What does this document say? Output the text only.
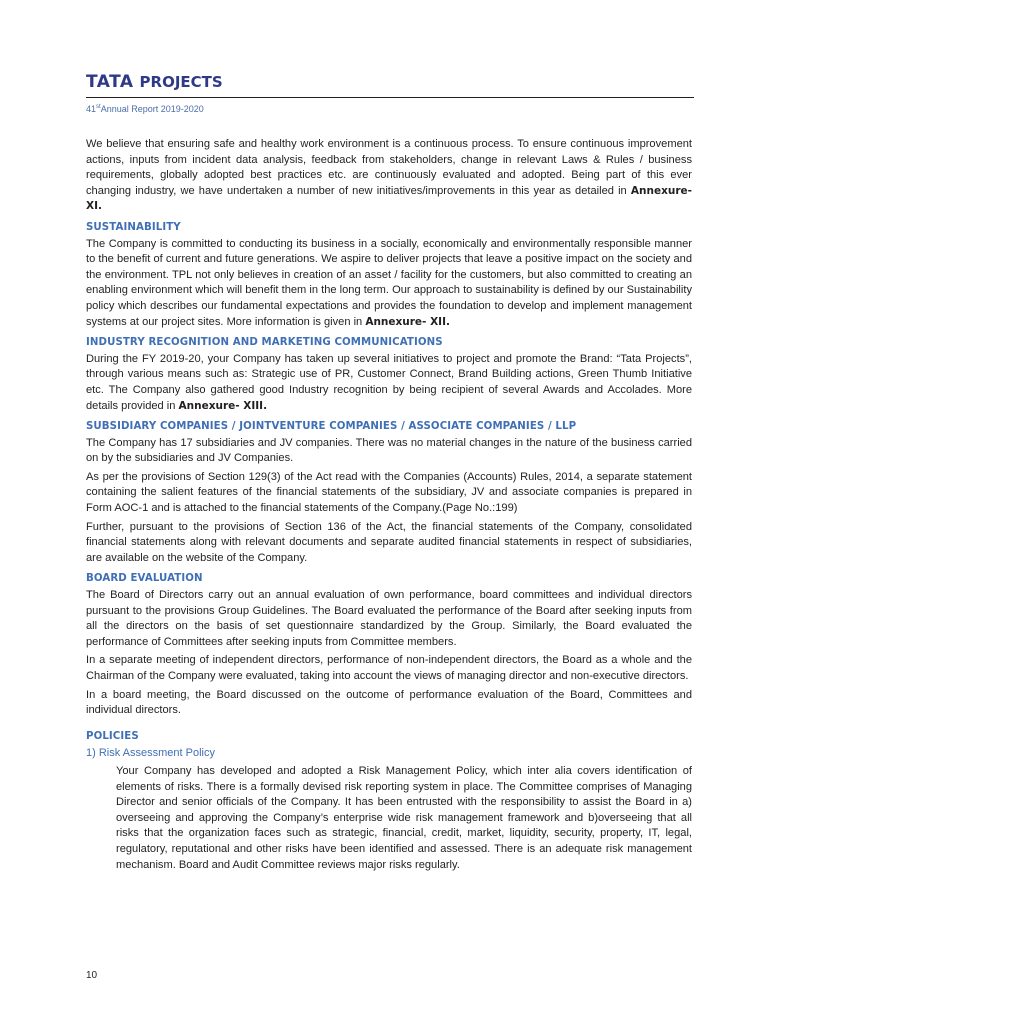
TATA PROJECTS
41stAnnual Report 2019-2020

We believe that ensuring safe and healthy work environment is a continuous process. To ensure continuous improvement actions, inputs from incident data analysis, feedback from stakeholders, change in relevant Laws & Rules / business requirements, globally adopted best practices etc. are continuously evaluated and adopted. Being part of this ever changing industry, we have undertaken a number of new initiatives/improvements in this year as detailed in Annexure- XI.

SUSTAINABILITY

The Company is committed to conducting its business in a socially, economically and environmentally responsible manner to the benefit of current and future generations. We aspire to deliver projects that leave a positive impact on the society and the environment. TPL not only believes in creation of an asset / facility for the customers, but also committed to creating an enabling environment which will benefit them in the long term. Our approach to sustainability is defined by our Sustainability policy which describes our fundamental expectations and provides the foundation to develop and implement management systems at our project sites. More information is given in Annexure- XII.

INDUSTRY RECOGNITION AND MARKETING COMMUNICATIONS

During the FY 2019-20, your Company has taken up several initiatives to project and promote the Brand: “Tata Projects”, through various means such as: Strategic use of PR, Customer Connect, Brand Building actions, Green Thumb Initiative etc. The Company also gathered good Industry recognition by being recipient of several Awards and Accolades. More details provided in Annexure- XIII.

SUBSIDIARY COMPANIES / JOINTVENTURE COMPANIES / ASSOCIATE COMPANIES / LLP

The Company has 17 subsidiaries and JV companies. There was no material changes in the nature of the business carried on by the subsidiaries and JV Companies.

As per the provisions of Section 129(3) of the Act read with the Companies (Accounts) Rules, 2014, a separate statement containing the salient features of the financial statements of the subsidiary, JV and associate companies is prepared in Form AOC-1 and is attached to the financial statements of the Company.(Page No.:199)

Further, pursuant to the provisions of Section 136 of the Act, the financial statements of the Company, consolidated financial statements along with relevant documents and separate audited financial statements in respect of subsidiaries, are available on the website of the Company.

BOARD EVALUATION

The Board of Directors carry out an annual evaluation of own performance, board committees and individual directors pursuant to the provisions Group Guidelines. The Board evaluated the performance of the Board after seeking inputs from all the directors on the basis of set questionnaire standardized by the Group. Similarly, the Board evaluated the performance of Committees after seeking inputs from Committee members.

In a separate meeting of independent directors, performance of non-independent directors, the Board as a whole and the Chairman of the Company were evaluated, taking into account the views of managing director and non-executive directors.

In a board meeting, the Board discussed on the outcome of performance evaluation of the Board, Committees and individual directors.

POLICIES
1) Risk Assessment Policy

Your Company has developed and adopted a Risk Management Policy, which inter alia covers identification of elements of risks. There is a formally devised risk reporting system in place. The Committee comprises of Managing Director and senior officials of the Company. It has been entrusted with the responsibility to assist the Board in a) overseeing and approving the Company’s enterprise wide risk management framework and b)overseeing that all risks that the organization faces such as strategic, financial, credit, market, liquidity, security, property, IT, legal, regulatory, reputational and other risks have been identified and assessed. There is an adequate risk management mechanism. Board and Audit Committee reviews major risks regularly.

10
